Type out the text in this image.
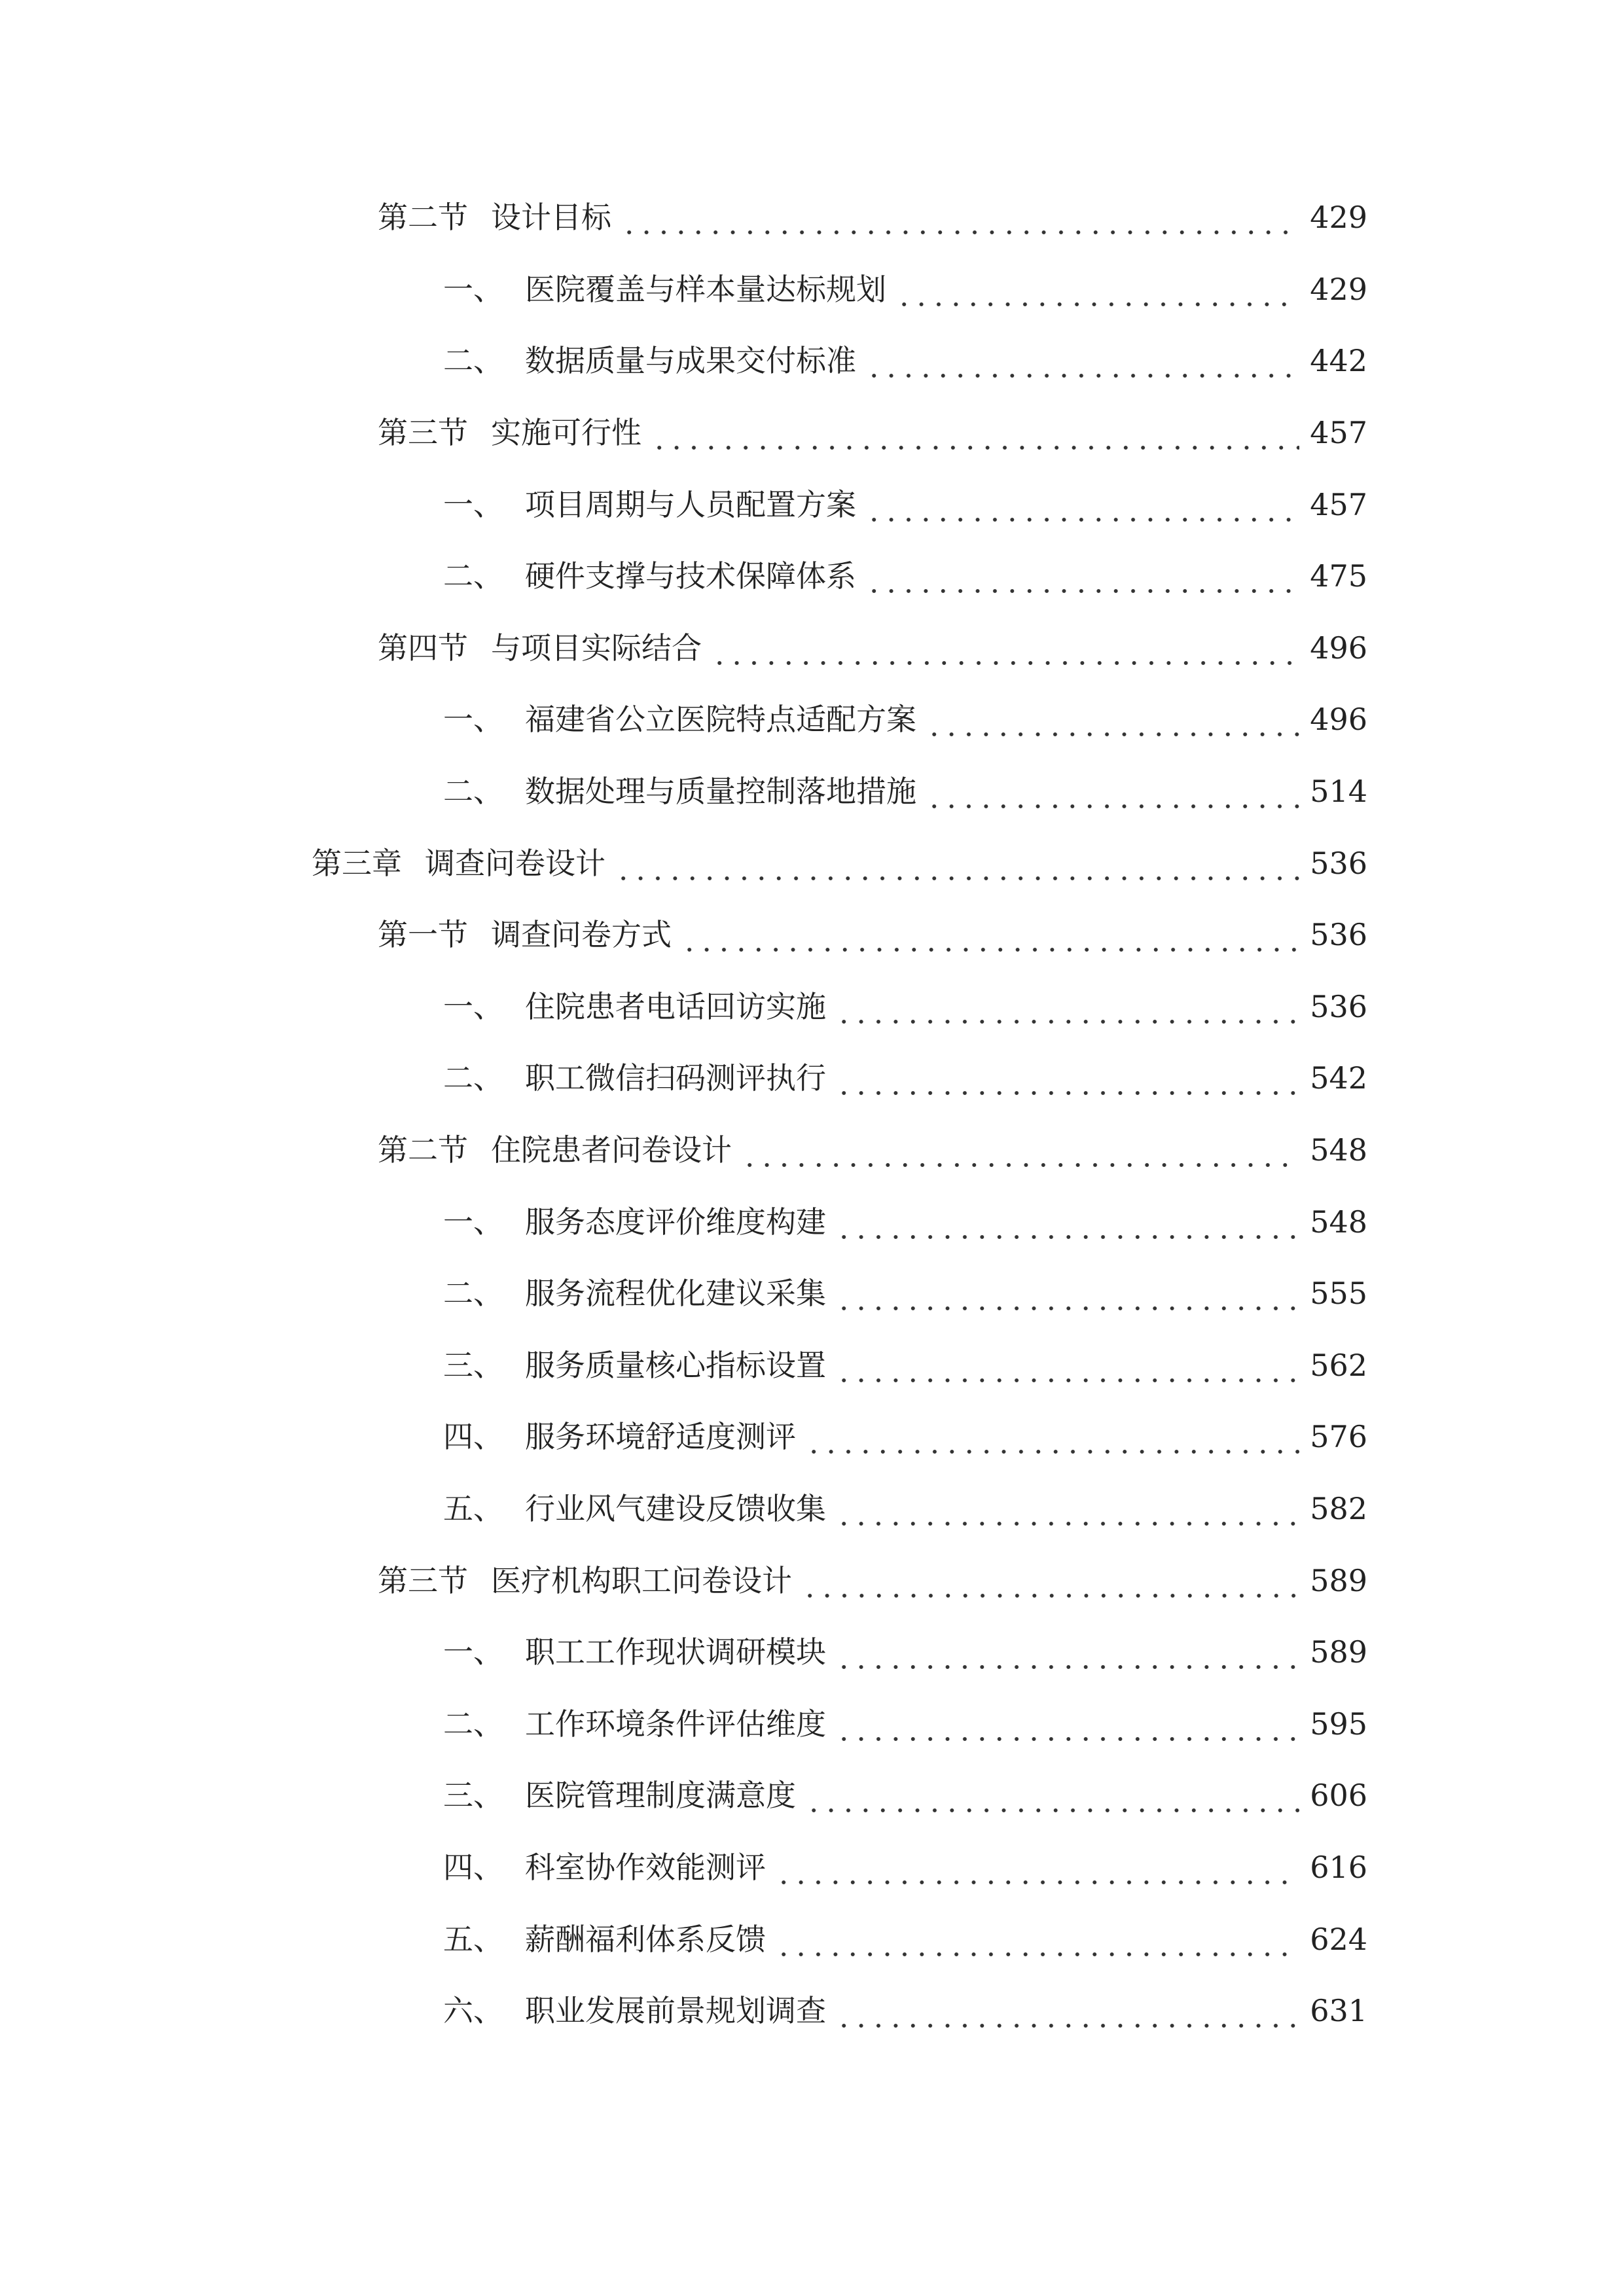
第二节 设计目标	429
一、 医院覆盖与样本量达标规划	429
二、 数据质量与成果交付标准	442
第三节 实施可行性	457
一、 项目周期与人员配置方案	457
二、 硬件支撑与技术保障体系	475
第四节 与项目实际结合	496
一、 福建省公立医院特点适配方案	496
二、 数据处理与质量控制落地措施	514
第三章 调查问卷设计	536
第一节 调查问卷方式	536
一、 住院患者电话回访实施	536
二、 职工微信扫码测评执行	542
第二节 住院患者问卷设计	548
一、 服务态度评价维度构建	548
二、 服务流程优化建议采集	555
三、 服务质量核心指标设置	562
四、 服务环境舒适度测评	576
五、 行业风气建设反馈收集	582
第三节 医疗机构职工问卷设计	589
一、 职工工作现状调研模块	589
二、 工作环境条件评估维度	595
三、 医院管理制度满意度	606
四、 科室协作效能测评	616
五、 薪酬福利体系反馈	624
六、 职业发展前景规划调查	631
